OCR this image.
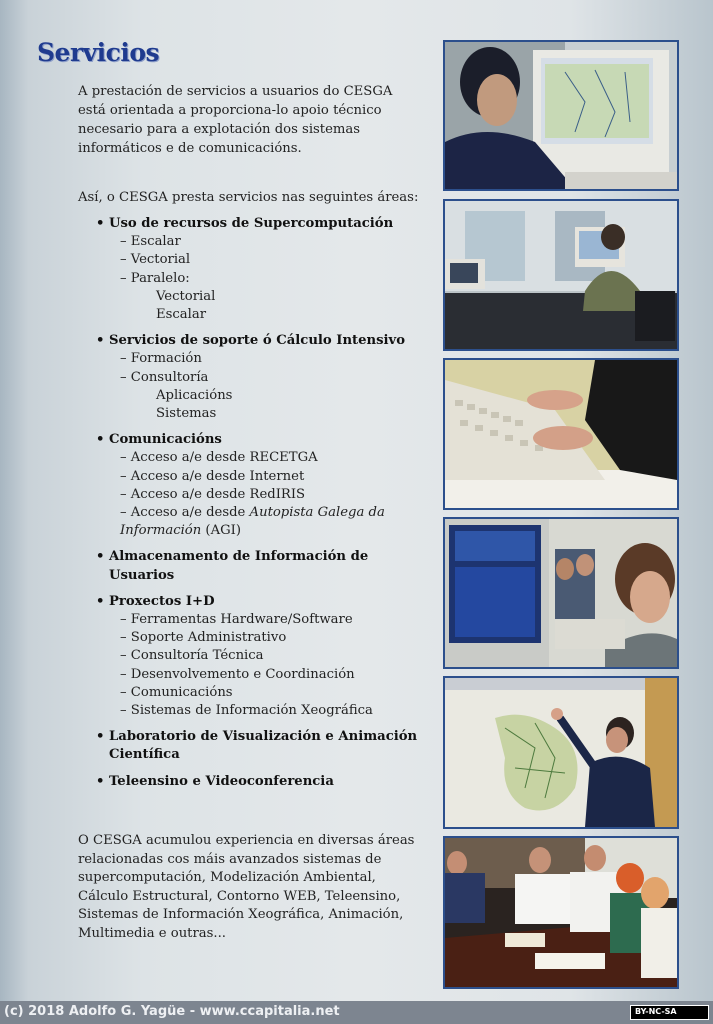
Servicios
A prestación de servicios a usuarios do CESGA está orientada a proporciona-lo apoio técnico necesario para a explotación dos sistemas informáticos e de comunicacións.
Así, o CESGA presta servicios nas seguintes áreas:
• Uso de recursos de Supercomputación
– Escalar
– Vectorial
– Paralelo:
Vectorial
Escalar
• Servicios de soporte ó Cálculo Intensivo
– Formación
– Consultoría
Aplicacións
Sistemas
• Comunicacións
– Acceso a/e desde RECETGA
– Acceso a/e desde Internet
– Acceso a/e desde RedIRIS
– Acceso a/e desde Autopista Galega da
Información (AGI)
• Almacenamento de Información de
Usuarios
• Proxectos I+D
– Ferramentas Hardware/Software
– Soporte Administrativo
– Consultoría Técnica
– Desenvolvemento e Coordinación
– Comunicacións
– Sistemas de Información Xeográfica
• Laboratorio de Visualización e Animación
Científica
• Teleensino e Videoconferencia
O CESGA acumulou experiencia en diversas áreas relacionadas cos máis avanzados sistemas de supercomputación, Modelización Ambiental, Cálculo Estructural, Contorno WEB, Teleensino, Sistemas de Información Xeográfica, Animación, Multimedia e outras...
(c) 2018 Adolfo G. Yagüe - www.ccapitalia.net	BY-NC-SA
